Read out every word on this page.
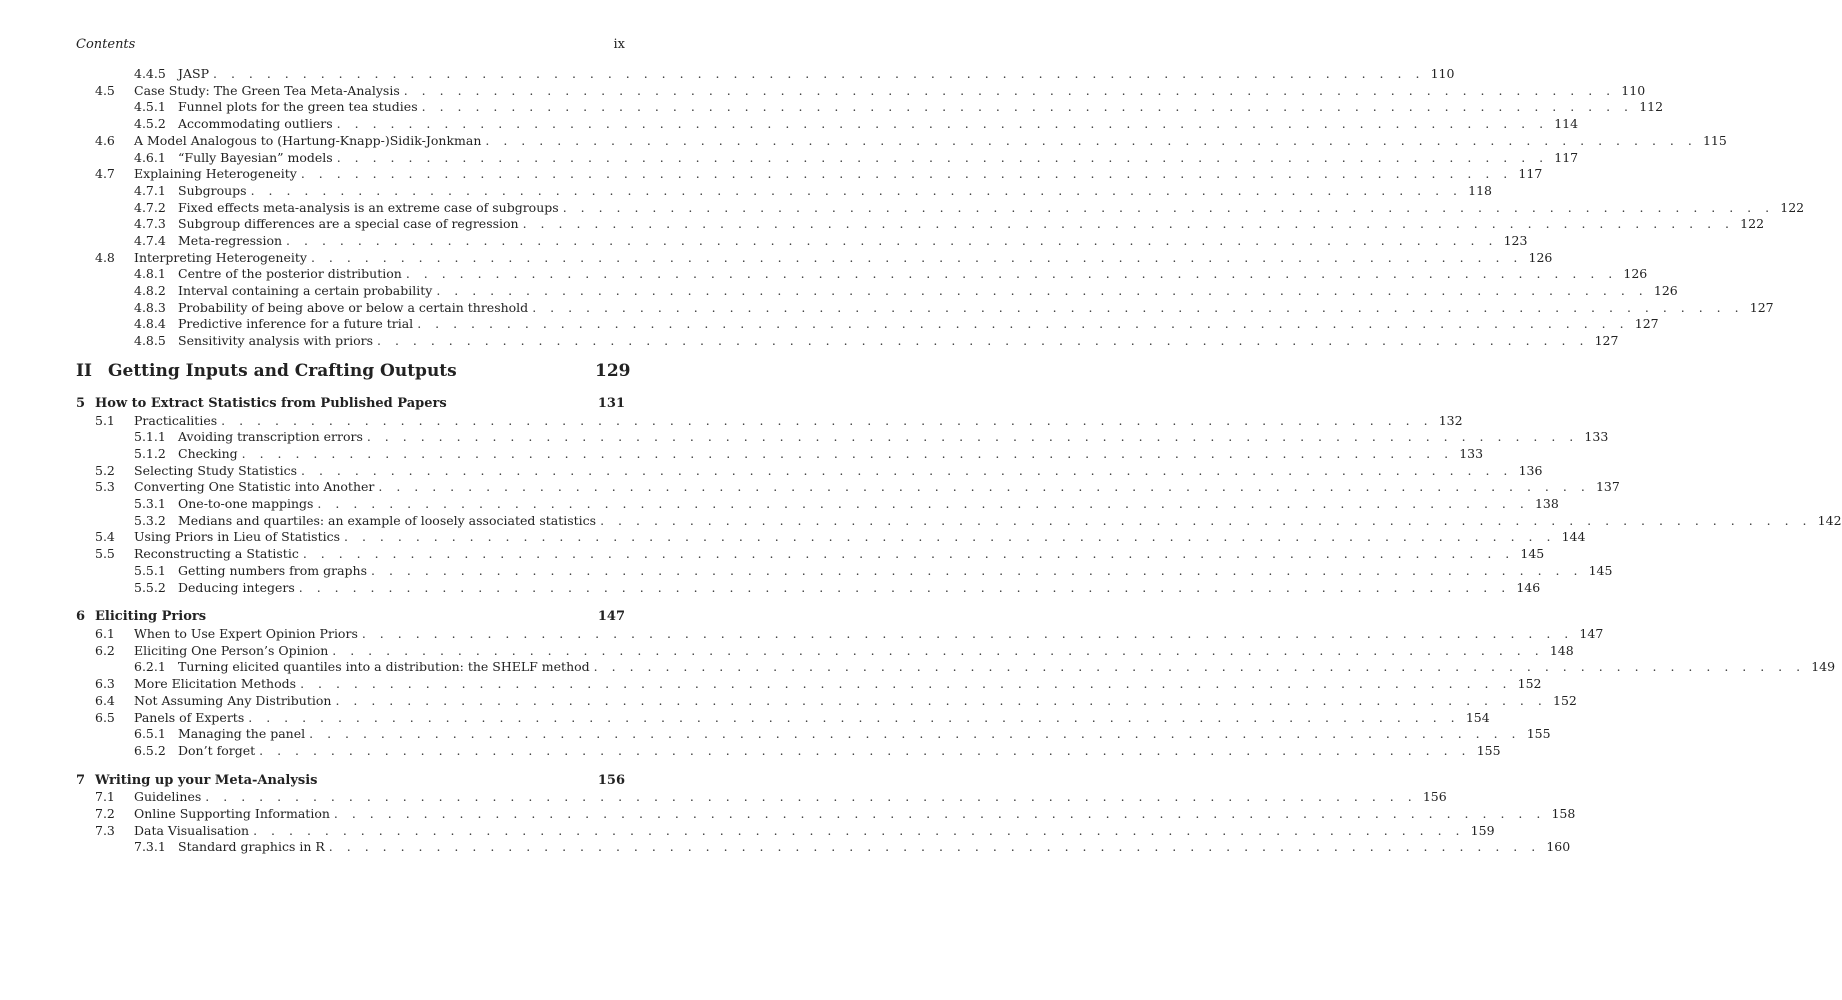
Contents	ix
4.4.5 JASP . . . . . . . . . . . . . . . . . . . . . . . . . . . . . . . . . . . . . . . . . . . . . . . . . . . . . . . . . . . . . . . . . . . . 110
4.5 Case Study: The Green Tea Meta-Analysis . . . . . . . . . . . . . . . . . . . . . . . . . . . . . . . . . . . . . . . . . . . . . . . . . . . . . . . . . . . . . . . . . . . . 110
4.5.1 Funnel plots for the green tea studies . . . . . . . . . . . . . . . . . . . . . . . . . . . . . . . . . . . . . . . . . . . . . . . . . . . . . . . . . . . . . . . . . . . . 112
4.5.2 Accommodating outliers . . . . . . . . . . . . . . . . . . . . . . . . . . . . . . . . . . . . . . . . . . . . . . . . . . . . . . . . . . . . . . . . . . . . 114
4.6 A Model Analogous to (Hartung-Knapp-)Sidik-Jonkman . . . . . . . . . . . . . . . . . . . . . . . . . . . . . . . . . . . . . . . . . . . . . . . . . . . . . . . . . . . . . . . . . . . . 115
4.6.1 “Fully Bayesian” models . . . . . . . . . . . . . . . . . . . . . . . . . . . . . . . . . . . . . . . . . . . . . . . . . . . . . . . . . . . . . . . . . . . . 117
4.7 Explaining Heterogeneity . . . . . . . . . . . . . . . . . . . . . . . . . . . . . . . . . . . . . . . . . . . . . . . . . . . . . . . . . . . . . . . . . . . . 117
4.7.1 Subgroups . . . . . . . . . . . . . . . . . . . . . . . . . . . . . . . . . . . . . . . . . . . . . . . . . . . . . . . . . . . . . . . . . . . . 118
4.7.2 Fixed effects meta-analysis is an extreme case of subgroups . . . . . . . . . . . . . . . . . . . . . . . . . . . . . . . . . . . . . . . . . . . . . . . . . . . . . . . . . . . . . . . . . . . . 122
4.7.3 Subgroup differences are a special case of regression . . . . . . . . . . . . . . . . . . . . . . . . . . . . . . . . . . . . . . . . . . . . . . . . . . . . . . . . . . . . . . . . . . . . 122
4.7.4 Meta-regression . . . . . . . . . . . . . . . . . . . . . . . . . . . . . . . . . . . . . . . . . . . . . . . . . . . . . . . . . . . . . . . . . . . . 123
4.8 Interpreting Heterogeneity . . . . . . . . . . . . . . . . . . . . . . . . . . . . . . . . . . . . . . . . . . . . . . . . . . . . . . . . . . . . . . . . . . . . 126
4.8.1 Centre of the posterior distribution . . . . . . . . . . . . . . . . . . . . . . . . . . . . . . . . . . . . . . . . . . . . . . . . . . . . . . . . . . . . . . . . . . . . 126
4.8.2 Interval containing a certain probability . . . . . . . . . . . . . . . . . . . . . . . . . . . . . . . . . . . . . . . . . . . . . . . . . . . . . . . . . . . . . . . . . . . . 126
4.8.3 Probability of being above or below a certain threshold . . . . . . . . . . . . . . . . . . . . . . . . . . . . . . . . . . . . . . . . . . . . . . . . . . . . . . . . . . . . . . . . . . . . 127
4.8.4 Predictive inference for a future trial . . . . . . . . . . . . . . . . . . . . . . . . . . . . . . . . . . . . . . . . . . . . . . . . . . . . . . . . . . . . . . . . . . . . 127
4.8.5 Sensitivity analysis with priors . . . . . . . . . . . . . . . . . . . . . . . . . . . . . . . . . . . . . . . . . . . . . . . . . . . . . . . . . . . . . . . . . . . . 127
II Getting Inputs and Crafting Outputs	129
5 How to Extract Statistics from Published Papers	131
5.1 Practicalities . . . . . . . . . . . . . . . . . . . . . . . . . . . . . . . . . . . . . . . . . . . . . . . . . . . . . . . . . . . . . . . . . . . . 132
5.1.1 Avoiding transcription errors . . . . . . . . . . . . . . . . . . . . . . . . . . . . . . . . . . . . . . . . . . . . . . . . . . . . . . . . . . . . . . . . . . . . 133
5.1.2 Checking . . . . . . . . . . . . . . . . . . . . . . . . . . . . . . . . . . . . . . . . . . . . . . . . . . . . . . . . . . . . . . . . . . . . 133
5.2 Selecting Study Statistics . . . . . . . . . . . . . . . . . . . . . . . . . . . . . . . . . . . . . . . . . . . . . . . . . . . . . . . . . . . . . . . . . . . . 136
5.3 Converting One Statistic into Another . . . . . . . . . . . . . . . . . . . . . . . . . . . . . . . . . . . . . . . . . . . . . . . . . . . . . . . . . . . . . . . . . . . . 137
5.3.1 One-to-one mappings . . . . . . . . . . . . . . . . . . . . . . . . . . . . . . . . . . . . . . . . . . . . . . . . . . . . . . . . . . . . . . . . . . . . 138
5.3.2 Medians and quartiles: an example of loosely associated statistics . . . . . . . . . . . . . . . . . . . . . . . . . . . . . . . . . . . . . . . . . . . . . . . . . . . . . . . . . . . . . . . . . . . . 142
5.4 Using Priors in Lieu of Statistics . . . . . . . . . . . . . . . . . . . . . . . . . . . . . . . . . . . . . . . . . . . . . . . . . . . . . . . . . . . . . . . . . . . . 144
5.5 Reconstructing a Statistic . . . . . . . . . . . . . . . . . . . . . . . . . . . . . . . . . . . . . . . . . . . . . . . . . . . . . . . . . . . . . . . . . . . . 145
5.5.1 Getting numbers from graphs . . . . . . . . . . . . . . . . . . . . . . . . . . . . . . . . . . . . . . . . . . . . . . . . . . . . . . . . . . . . . . . . . . . . 145
5.5.2 Deducing integers . . . . . . . . . . . . . . . . . . . . . . . . . . . . . . . . . . . . . . . . . . . . . . . . . . . . . . . . . . . . . . . . . . . . 146
6 Eliciting Priors	147
6.1 When to Use Expert Opinion Priors . . . . . . . . . . . . . . . . . . . . . . . . . . . . . . . . . . . . . . . . . . . . . . . . . . . . . . . . . . . . . . . . . . . . 147
6.2 Eliciting One Person’s Opinion . . . . . . . . . . . . . . . . . . . . . . . . . . . . . . . . . . . . . . . . . . . . . . . . . . . . . . . . . . . . . . . . . . . . 148
6.2.1 Turning elicited quantiles into a distribution: the SHELF method . . . . . . . . . . . . . . . . . . . . . . . . . . . . . . . . . . . . . . . . . . . . . . . . . . . . . . . . . . . . . . . . . . . . 149
6.3 More Elicitation Methods . . . . . . . . . . . . . . . . . . . . . . . . . . . . . . . . . . . . . . . . . . . . . . . . . . . . . . . . . . . . . . . . . . . . 152
6.4 Not Assuming Any Distribution . . . . . . . . . . . . . . . . . . . . . . . . . . . . . . . . . . . . . . . . . . . . . . . . . . . . . . . . . . . . . . . . . . . . 152
6.5 Panels of Experts . . . . . . . . . . . . . . . . . . . . . . . . . . . . . . . . . . . . . . . . . . . . . . . . . . . . . . . . . . . . . . . . . . . . 154
6.5.1 Managing the panel . . . . . . . . . . . . . . . . . . . . . . . . . . . . . . . . . . . . . . . . . . . . . . . . . . . . . . . . . . . . . . . . . . . . 155
6.5.2 Don’t forget . . . . . . . . . . . . . . . . . . . . . . . . . . . . . . . . . . . . . . . . . . . . . . . . . . . . . . . . . . . . . . . . . . . . 155
7 Writing up your Meta-Analysis	156
7.1 Guidelines . . . . . . . . . . . . . . . . . . . . . . . . . . . . . . . . . . . . . . . . . . . . . . . . . . . . . . . . . . . . . . . . . . . . 156
7.2 Online Supporting Information . . . . . . . . . . . . . . . . . . . . . . . . . . . . . . . . . . . . . . . . . . . . . . . . . . . . . . . . . . . . . . . . . . . . 158
7.3 Data Visualisation . . . . . . . . . . . . . . . . . . . . . . . . . . . . . . . . . . . . . . . . . . . . . . . . . . . . . . . . . . . . . . . . . . . . 159
7.3.1 Standard graphics in R . . . . . . . . . . . . . . . . . . . . . . . . . . . . . . . . . . . . . . . . . . . . . . . . . . . . . . . . . . . . . . . . . . . . 160
